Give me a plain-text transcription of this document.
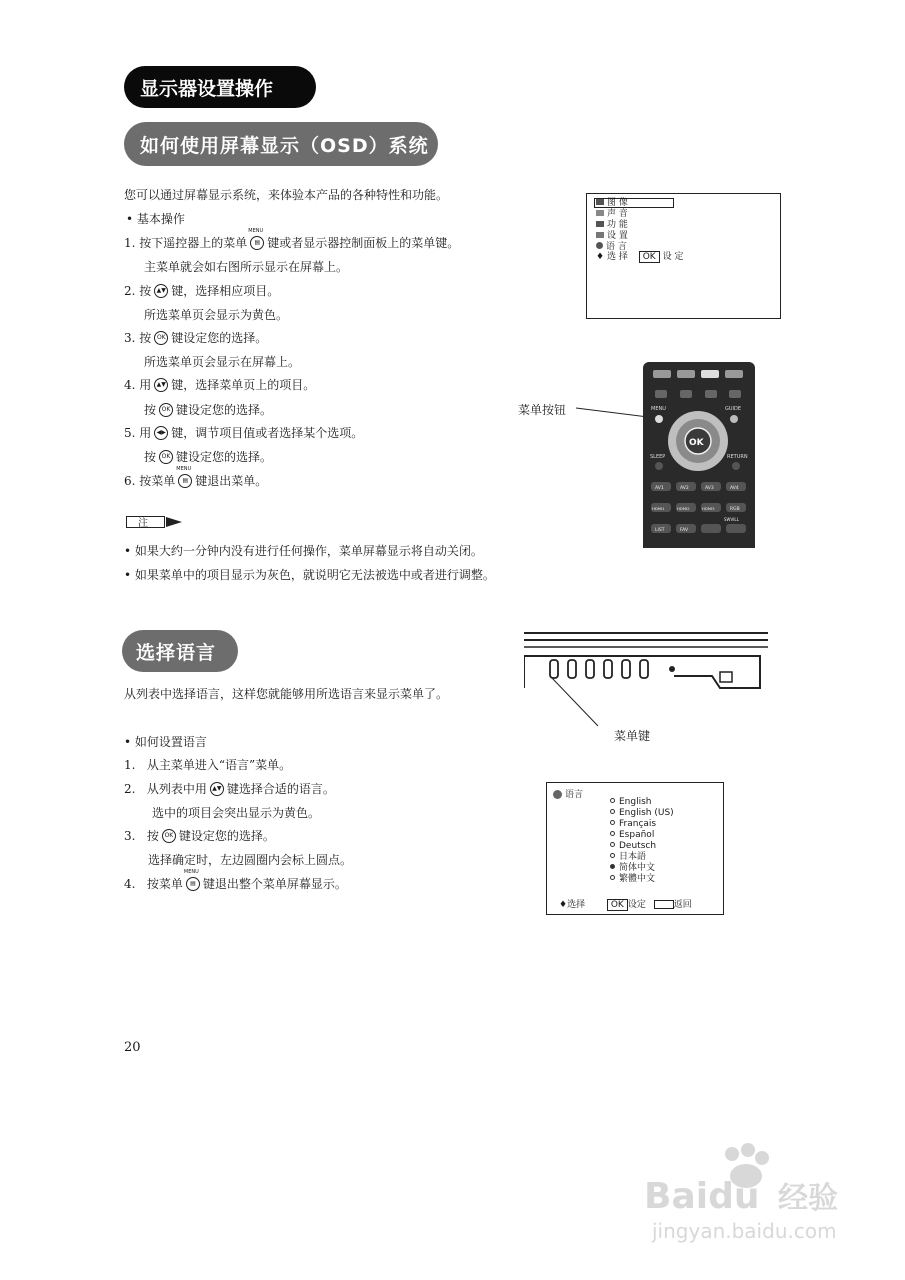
显示器设置操作
如何使用屏幕显示（OSD）系统
您可以通过屏幕显示系统，来体验本产品的各种特性和功能。
• 基本操作
1. 按下遥控器上的菜单 MENU ▤ 键或者显示器控制面板上的菜单键。
主菜单就会如右图所示显示在屏幕上。
2. 按 ▲▼ 键，选择相应项目。
所选菜单页会显示为黄色。
3. 按 OK 键设定您的选择。
所选菜单页会显示在屏幕上。
4. 用 ▲▼ 键，选择菜单页上的项目。
按 OK 键设定您的选择。
5. 用 ◀▶ 键，调节项目值或者选择某个选项。
按 OK 键设定您的选择。
6. 按菜单 MENU ▤ 键退出菜单。
注
• 如果大约一分钟内没有进行任何操作，菜单屏幕显示将自动关闭。
• 如果菜单中的项目显示为灰色，就说明它无法被选中或者进行调整。
图 像
声 音
功 能
设 置
语 言
♦ 选 择 OK 设 定
菜单按钮	MENU	GUIDE
OK
SLEEP	RETURN
AV1	AV2	AV3	AV4
HDMI1	HDMI2	HDMI3	RGB
LIST	FAV
SWVILL
选择语言
从列表中选择语言，这样您就能够用所选语言来显示菜单了。
• 如何设置语言
1. 从主菜单进入“语言”菜单。
2. 从列表中用 ▲▼ 键选择合适的语言。
选中的项目会突出显示为黄色。
3. 按 OK 键设定您的选择。
选择确定时，左边圆圈内会标上圆点。
4. 按菜单 MENU ▤ 键退出整个菜单屏幕显示。
菜单键
语言
English
English (US)
Français
Español
Deutsch
日本語
简体中文
繁體中文
♦选择	OK 设定	返回
20
Baidu 经验
jingyan.baidu.com
